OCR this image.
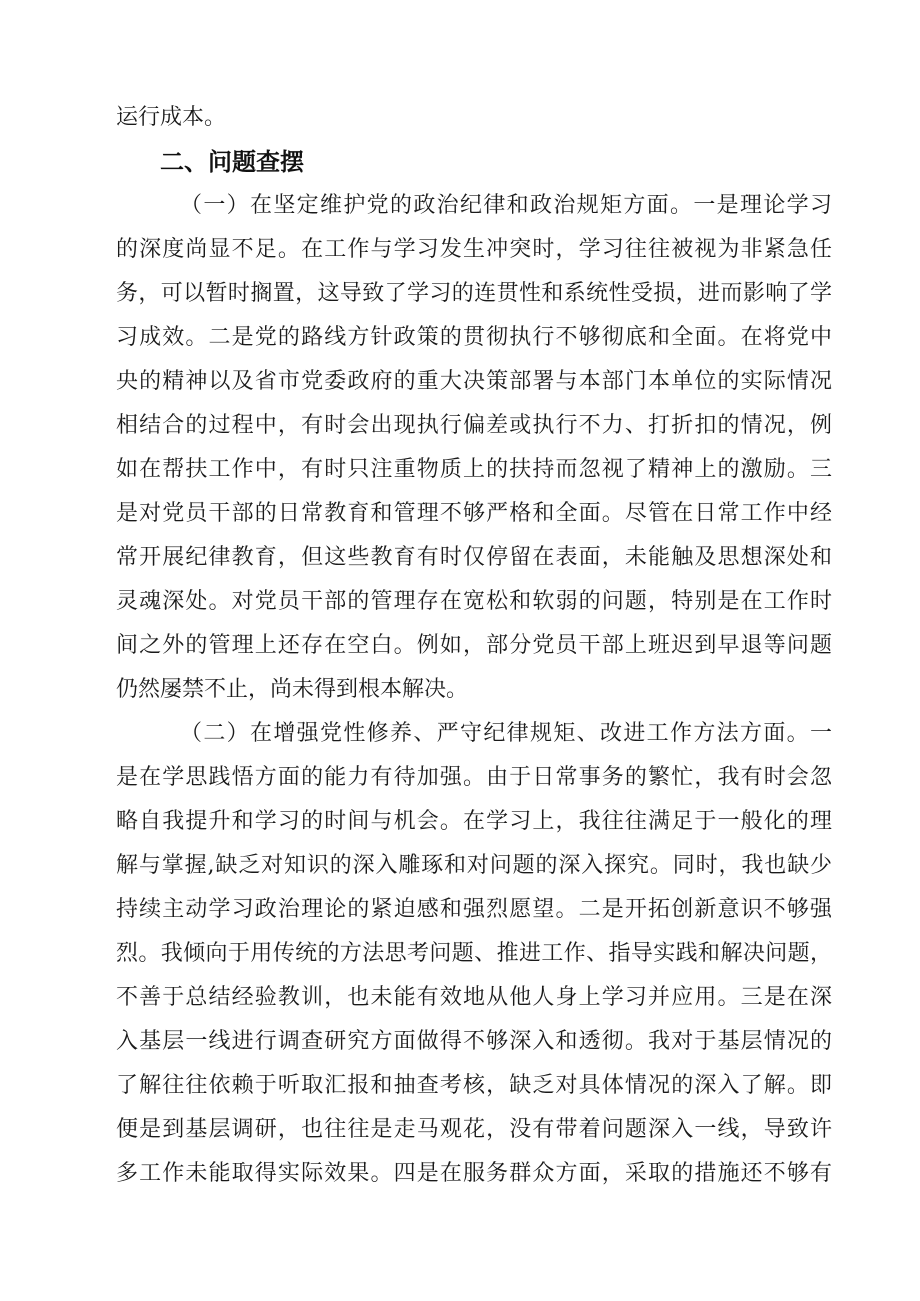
运行成本。
二、问题查摆
（一）在坚定维护党的政治纪律和政治规矩方面。一是理论学习
的深度尚显不足。在工作与学习发生冲突时，学习往往被视为非紧急任
务，可以暂时搁置，这导致了学习的连贯性和系统性受损，进而影响了学
习成效。二是党的路线方针政策的贯彻执行不够彻底和全面。在将党中
央的精神以及省市党委政府的重大决策部署与本部门本单位的实际情况
相结合的过程中，有时会出现执行偏差或执行不力、打折扣的情况，例
如在帮扶工作中，有时只注重物质上的扶持而忽视了精神上的激励。三
是对党员干部的日常教育和管理不够严格和全面。尽管在日常工作中经
常开展纪律教育，但这些教育有时仅停留在表面，未能触及思想深处和
灵魂深处。对党员干部的管理存在宽松和软弱的问题，特别是在工作时
间之外的管理上还存在空白。例如，部分党员干部上班迟到早退等问题
仍然屡禁不止，尚未得到根本解决。
（二）在增强党性修养、严守纪律规矩、改进工作方法方面。一
是在学思践悟方面的能力有待加强。由于日常事务的繁忙，我有时会忽
略自我提升和学习的时间与机会。在学习上，我往往满足于一般化的理
解与掌握,缺乏对知识的深入雕琢和对问题的深入探究。同时，我也缺少
持续主动学习政治理论的紧迫感和强烈愿望。二是开拓创新意识不够强
烈。我倾向于用传统的方法思考问题、推进工作、指导实践和解决问题，
不善于总结经验教训，也未能有效地从他人身上学习并应用。三是在深
入基层一线进行调查研究方面做得不够深入和透彻。我对于基层情况的
了解往往依赖于听取汇报和抽查考核，缺乏对具体情况的深入了解。即
便是到基层调研，也往往是走马观花，没有带着问题深入一线，导致许
多工作未能取得实际效果。四是在服务群众方面，采取的措施还不够有
